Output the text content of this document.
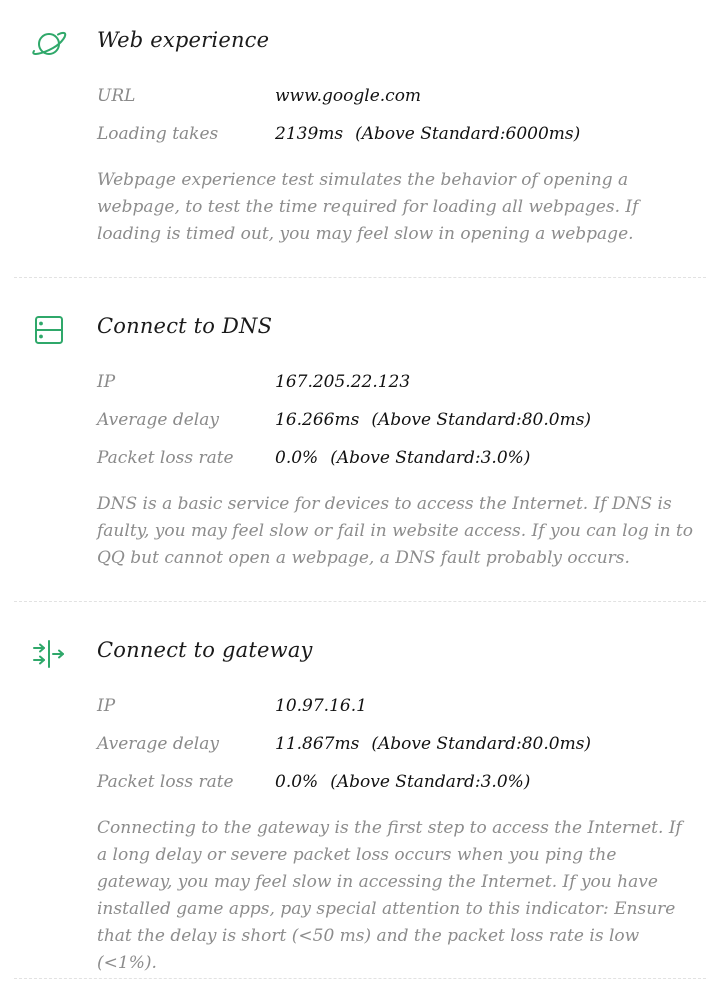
Web experience
URL	www.google.com
Loading takes	2139ms (Above Standard:6000ms)
Webpage experience test simulates the behavior of opening a webpage, to test the time required for loading all webpages. If loading is timed out, you may feel slow in opening a webpage.
Connect to DNS
IP	167.205.22.123
Average delay	16.266ms (Above Standard:80.0ms)
Packet loss rate 0.0% (Above Standard:3.0%)
DNS is a basic service for devices to access the Internet. If DNS is faulty, you may feel slow or fail in website access. If you can log in to QQ but cannot open a webpage, a DNS fault probably occurs.
Connect to gateway
IP	10.97.16.1
Average delay	11.867ms (Above Standard:80.0ms)
Packet loss rate 0.0% (Above Standard:3.0%)
Connecting to the gateway is the first step to access the Internet. If a long delay or severe packet loss occurs when you ping the gateway, you may feel slow in accessing the Internet. If you have installed game apps, pay special attention to this indicator: Ensure that the delay is short (<50 ms) and the packet loss rate is low (<1%).
